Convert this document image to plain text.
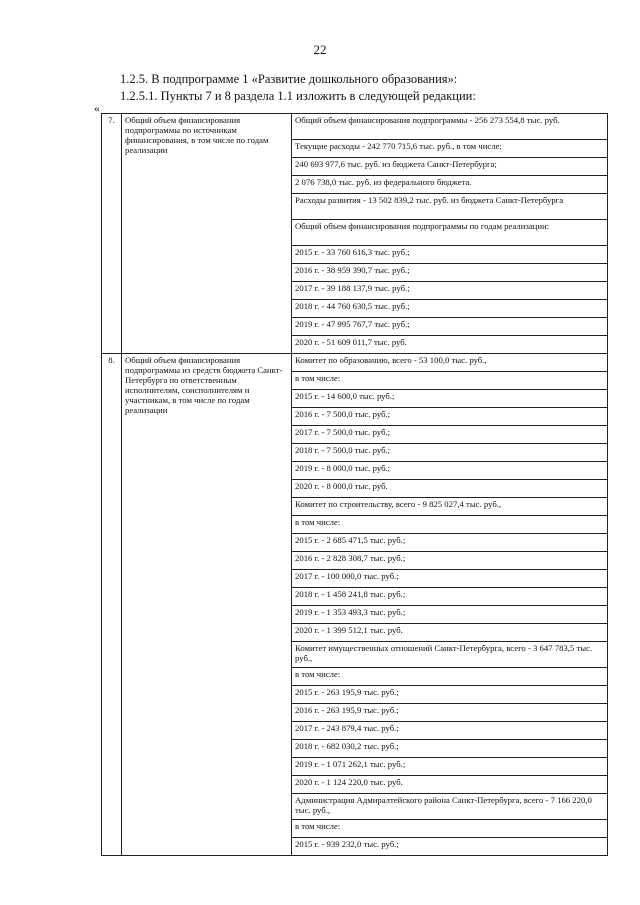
22
1.2.5. В подпрограмме 1 «Развитие дошкольного образования»:
1.2.5.1. Пункты 7 и 8 раздела 1.1 изложить в следующей редакции:
«
7.	Общий объем финансирования подпрограммы по источникам финансирования, в том числе по годам реализации	Общий объем финансирования подпрограммы - 256 273 554,8 тыс. руб.
		Текущие расходы - 242 770 715,6 тыс. руб., в том числе:
		240 693 977,6 тыс. руб. из бюджета Санкт-Петербурга;
		2 076 738,0 тыс. руб. из федерального бюджета.
		Расходы развития - 13 502 839,2 тыс. руб. из бюджета Санкт-Петербурга
		Общий объем финансирования подпрограммы по годам реализации:
		2015 г. - 33 760 616,3 тыс. руб.;
		2016 г. - 38 959 390,7 тыс. руб.;
		2017 г. - 39 188 137,9 тыс. руб.;
		2018 г. - 44 760 630,5 тыс. руб.;
		2019 г. - 47 995 767,7 тыс. руб.;
		2020 г. - 51 609 011,7 тыс. руб.
8.	Общий объем финансирования подпрограммы из средств бюджета Санкт-Петербурга по ответственным исполнителям, соисполнителям и участникам, в том числе по годам реализации	Комитет по образованию, всего - 53 100,0 тыс. руб.,
		в том числе:
		2015 г. - 14 600,0 тыс. руб.;
		2016 г. - 7 500,0 тыс. руб.;
		2017 г. - 7 500,0 тыс. руб.;
		2018 г. - 7 500,0 тыс. руб.;
		2019 г. - 8 000,0 тыс. руб.;
		2020 г. - 8 000,0 тыс. руб.
		Комитет по строительству, всего - 9 825 027,4 тыс. руб.,
		в том числе:
		2015 г. - 2 685 471,5 тыс. руб.;
		2016 г. - 2 828 308,7 тыс. руб.;
		2017 г. - 100 000,0 тыс. руб.;
		2018 г. - 1 458 241,8 тыс. руб.;
		2019 г. - 1 353 493,3 тыс. руб.;
		2020 г. - 1 399 512,1 тыс. руб.
		Комитет имущественных отношений Санкт-Петербурга, всего - 3 647 783,5 тыс. руб.,
		в том числе:
		2015 г. - 263 195,9 тыс. руб.;
		2016 г. - 263 195,9 тыс. руб.;
		2017 г. - 243 879,4 тыс. руб.;
		2018 г. - 682 030,2 тыс. руб.;
		2019 г. - 1 071 262,1 тыс. руб.;
		2020 г. - 1 124 220,0 тыс. руб.
		Администрация Адмиралтейского района Санкт-Петербурга, всего - 7 166 220,0 тыс. руб.,
		в том числе:
		2015 г. - 939 232,0 тыс. руб.;
